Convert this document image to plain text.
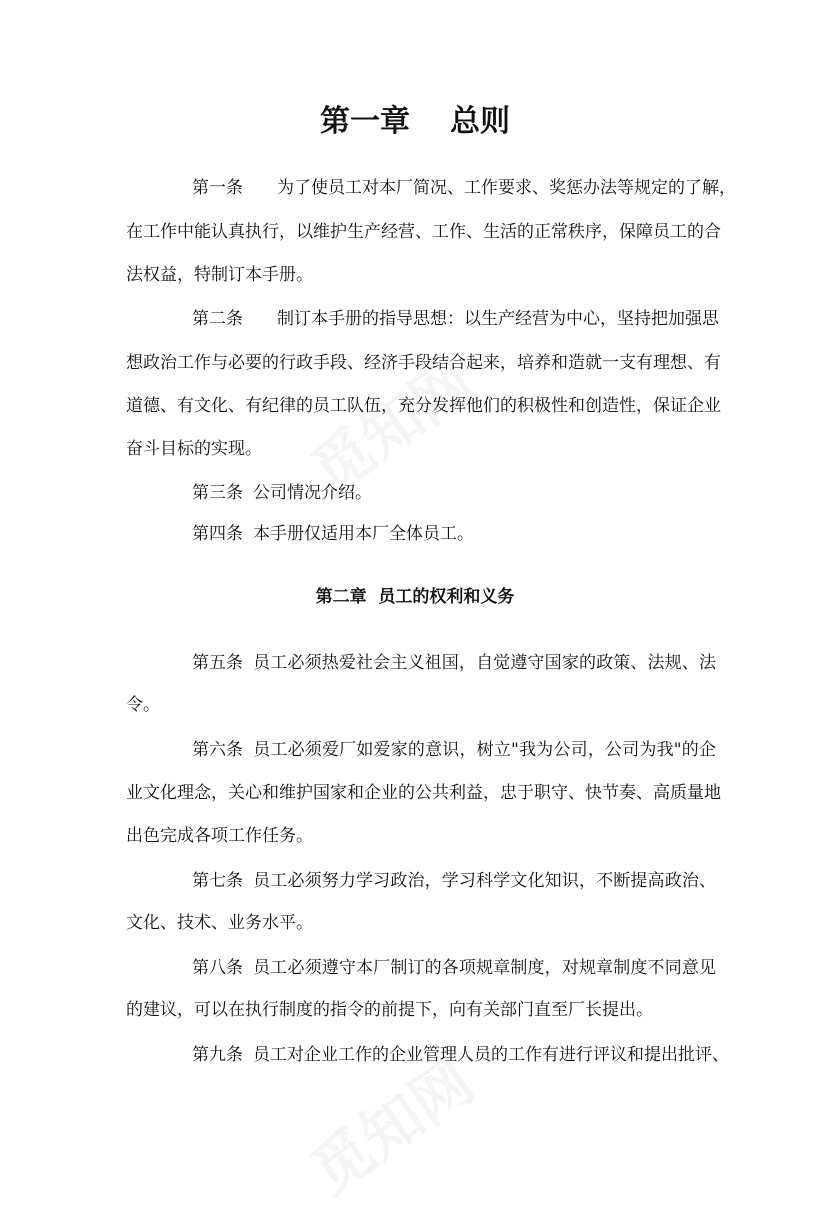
第一章 总则
第一条 为了使员工对本厂简况、工作要求、奖惩办法等规定的了解，
在工作中能认真执行，以维护生产经营、工作、生活的正常秩序，保障员工的合
法权益，特制订本手册。
第二条 制订本手册的指导思想：以生产经营为中心，坚持把加强思
想政治工作与必要的行政手段、经济手段结合起来，培养和造就一支有理想、有
道德、有文化、有纪律的员工队伍，充分发挥他们的积极性和创造性，保证企业
奋斗目标的实现。
第三条 公司情况介绍。
第四条 本手册仅适用本厂全体员工。
第二章  员工的权利和义务
第五条 员工必须热爱社会主义祖国，自觉遵守国家的政策、法规、法
令。
第六条 员工必须爱厂如爱家的意识，树立"我为公司，公司为我"的企
业文化理念，关心和维护国家和企业的公共利益，忠于职守、快节奏、高质量地
出色完成各项工作任务。
第七条 员工必须努力学习政治，学习科学文化知识，不断提高政治、
文化、技术、业务水平。
第八条 员工必须遵守本厂制订的各项规章制度，对规章制度不同意见
的建议，可以在执行制度的指令的前提下，向有关部门直至厂长提出。
第九条 员工对企业工作的企业管理人员的工作有进行评议和提出批评、
